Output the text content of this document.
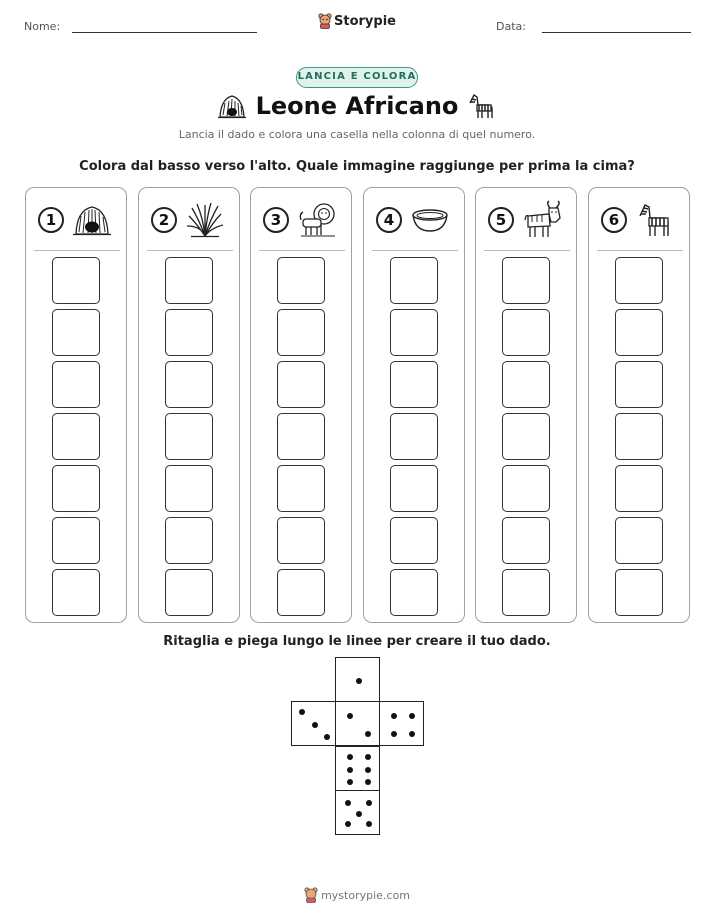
Nome:	Storypie	Data:
LANCIA E COLORA
Leone Africano
Lancia il dado e colora una casella nella colonna di quel numero.
Colora dal basso verso l'alto. Quale immagine raggiunge per prima la cima?
1	2	3	4	5	6
Ritaglia e piega lungo le linee per creare il tuo dado.
mystorypie.com
